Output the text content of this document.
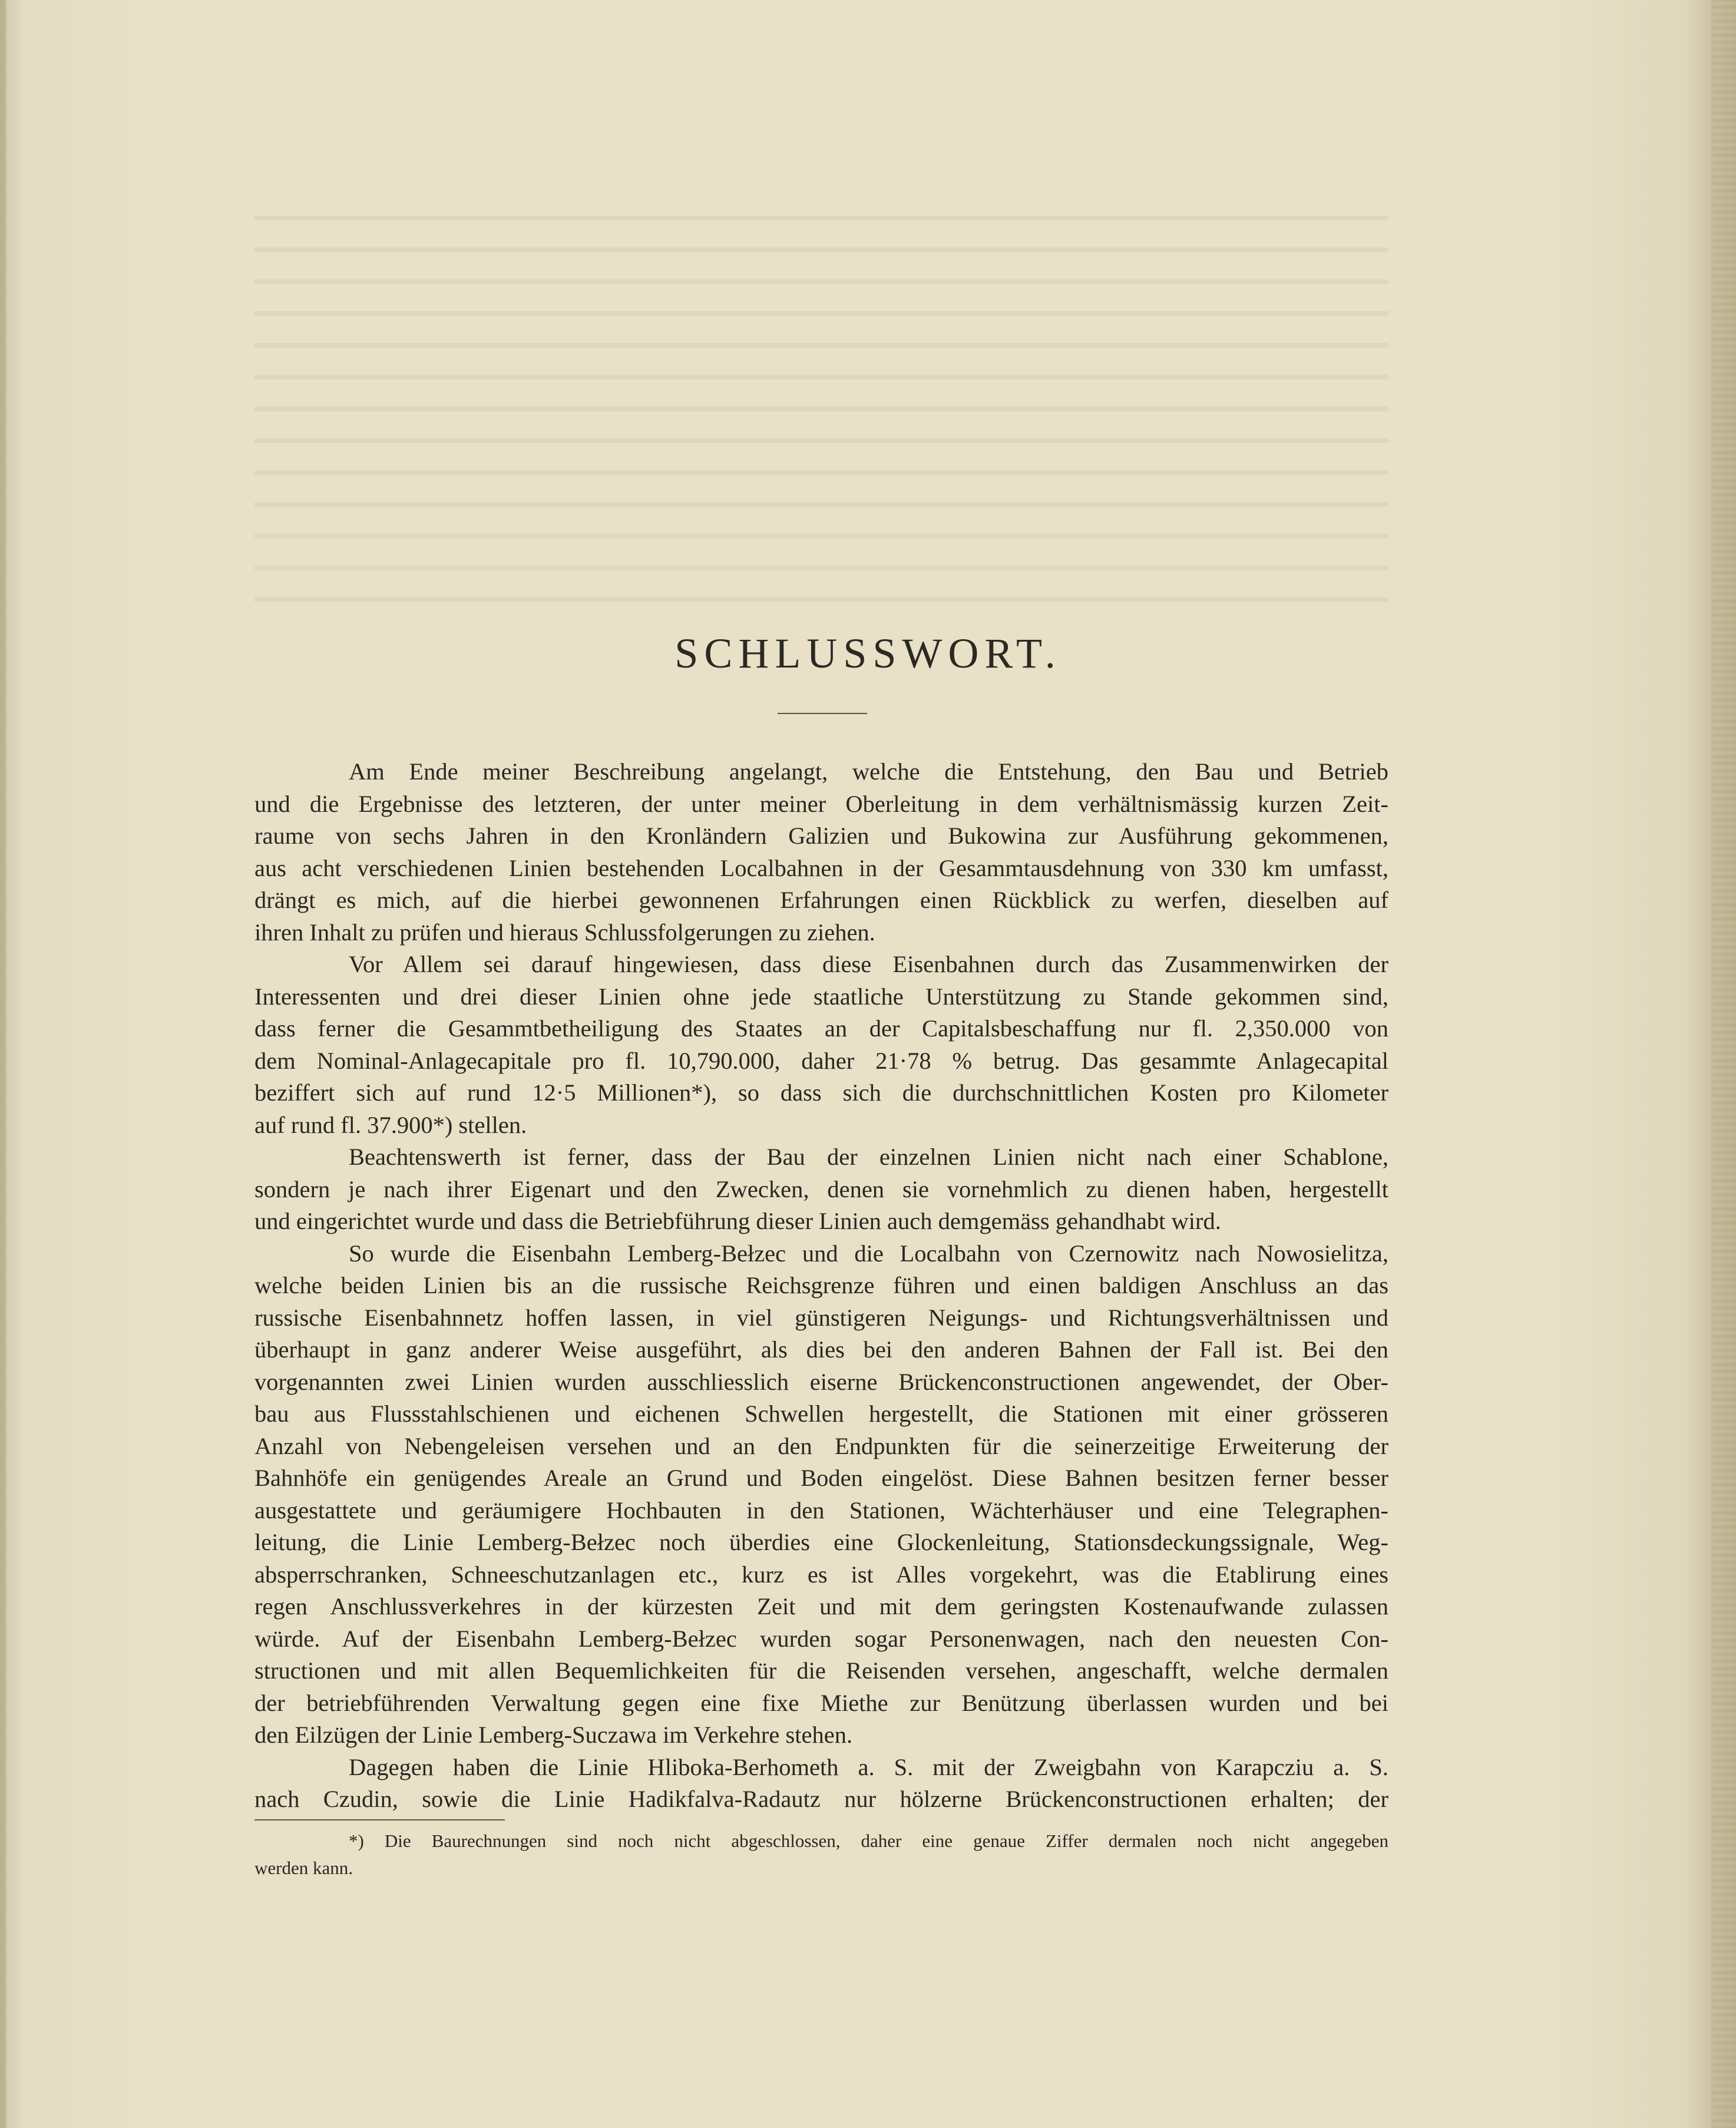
SCHLUSSWORT.
Am Ende meiner Beschreibung angelangt, welche die Entstehung, den Bau und Betrieb
und die Ergebnisse des letzteren, der unter meiner Oberleitung in dem verhältnismässig kurzen Zeit-
raume von sechs Jahren in den Kronländern Galizien und Bukowina zur Ausführung gekommenen,
aus acht verschiedenen Linien bestehenden Localbahnen in der Gesammtausdehnung von 330 km umfasst,
drängt es mich, auf die hierbei gewonnenen Erfahrungen einen Rückblick zu werfen, dieselben auf
ihren Inhalt zu prüfen und hieraus Schlussfolgerungen zu ziehen.
Vor Allem sei darauf hingewiesen, dass diese Eisenbahnen durch das Zusammenwirken der
Interessenten und drei dieser Linien ohne jede staatliche Unterstützung zu Stande gekommen sind,
dass ferner die Gesammtbetheiligung des Staates an der Capitalsbeschaffung nur fl. 2,350.000 von
dem Nominal-Anlagecapitale pro fl. 10,790.000, daher 21·78 % betrug. Das gesammte Anlagecapital
beziffert sich auf rund 12·5 Millionen*), so dass sich die durchschnittlichen Kosten pro Kilometer
auf rund fl. 37.900*) stellen.
Beachtenswerth ist ferner, dass der Bau der einzelnen Linien nicht nach einer Schablone,
sondern je nach ihrer Eigenart und den Zwecken, denen sie vornehmlich zu dienen haben, hergestellt
und eingerichtet wurde und dass die Betriebführung dieser Linien auch demgemäss gehandhabt wird.
So wurde die Eisenbahn Lemberg-Bełzec und die Localbahn von Czernowitz nach Nowosielitza,
welche beiden Linien bis an die russische Reichsgrenze führen und einen baldigen Anschluss an das
russische Eisenbahnnetz hoffen lassen, in viel günstigeren Neigungs- und Richtungsverhältnissen und
überhaupt in ganz anderer Weise ausgeführt, als dies bei den anderen Bahnen der Fall ist. Bei den
vorgenannten zwei Linien wurden ausschliesslich eiserne Brückenconstructionen angewendet, der Ober-
bau aus Flussstahlschienen und eichenen Schwellen hergestellt, die Stationen mit einer grösseren
Anzahl von Nebengeleisen versehen und an den Endpunkten für die seinerzeitige Erweiterung der
Bahnhöfe ein genügendes Areale an Grund und Boden eingelöst. Diese Bahnen besitzen ferner besser
ausgestattete und geräumigere Hochbauten in den Stationen, Wächterhäuser und eine Telegraphen-
leitung, die Linie Lemberg-Bełzec noch überdies eine Glockenleitung, Stationsdeckungssignale, Weg-
absperrschranken, Schneeschutzanlagen etc., kurz es ist Alles vorgekehrt, was die Etablirung eines
regen Anschlussverkehres in der kürzesten Zeit und mit dem geringsten Kostenaufwande zulassen
würde. Auf der Eisenbahn Lemberg-Bełzec wurden sogar Personenwagen, nach den neuesten Con-
structionen und mit allen Bequemlichkeiten für die Reisenden versehen, angeschafft, welche dermalen
der betriebführenden Verwaltung gegen eine fixe Miethe zur Benützung überlassen wurden und bei
den Eilzügen der Linie Lemberg-Suczawa im Verkehre stehen.
Dagegen haben die Linie Hliboka-Berhometh a. S. mit der Zweigbahn von Karapcziu a. S.
nach Czudin, sowie die Linie Hadikfalva-Radautz nur hölzerne Brückenconstructionen erhalten; der
*) Die Baurechnungen sind noch nicht abgeschlossen, daher eine genaue Ziffer dermalen noch nicht angegeben
werden kann.
